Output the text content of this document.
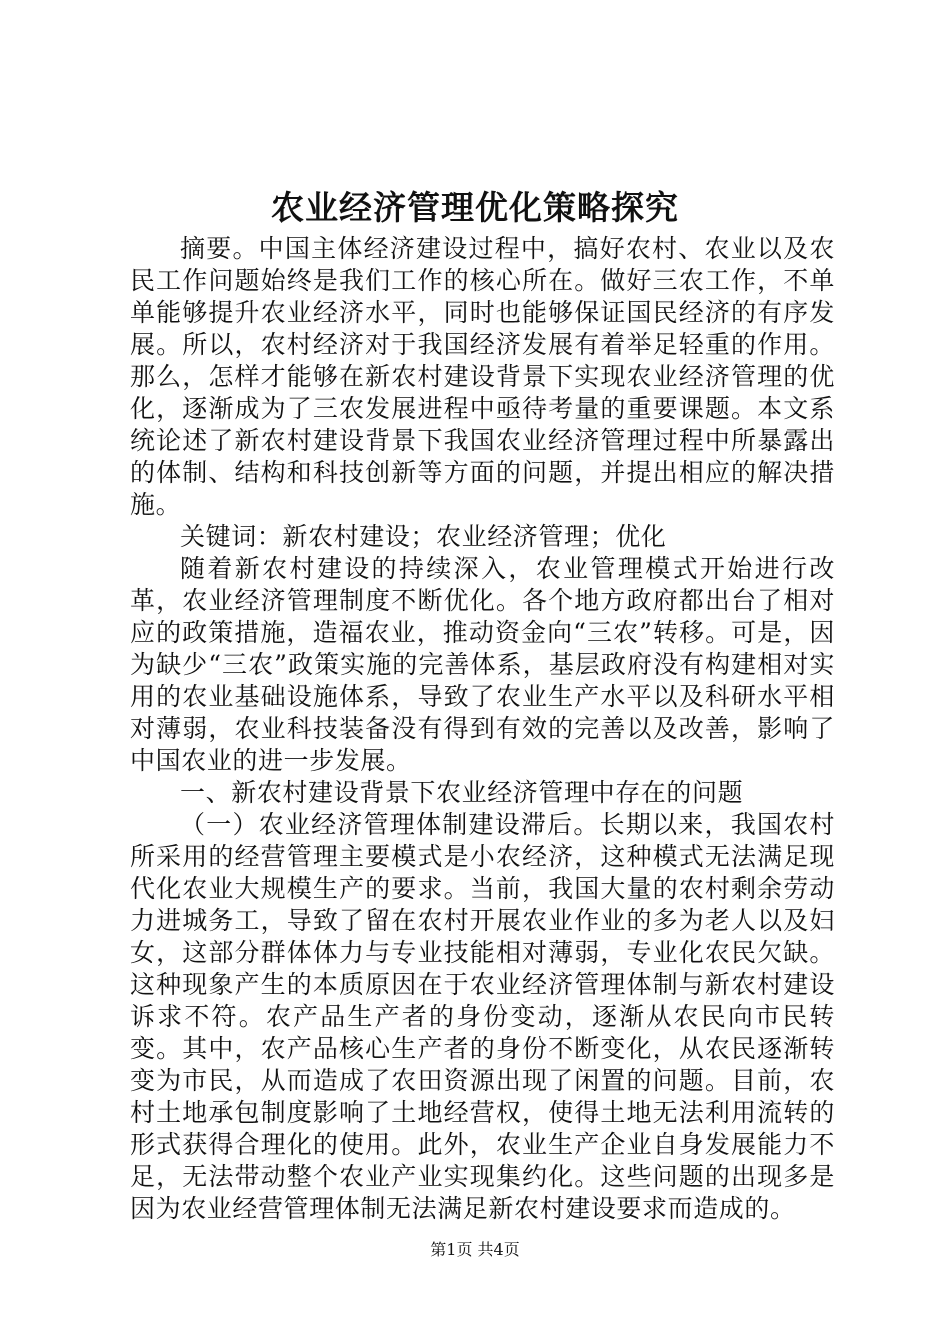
农业经济管理优化策略探究

摘要。中国主体经济建设过程中，搞好农村、农业以及农民工作问题始终是我们工作的核心所在。做好三农工作，不单单能够提升农业经济水平，同时也能够保证国民经济的有序发展。所以，农村经济对于我国经济发展有着举足轻重的作用。那么，怎样才能够在新农村建设背景下实现农业经济管理的优化，逐渐成为了三农发展进程中亟待考量的重要课题。本文系统论述了新农村建设背景下我国农业经济管理过程中所暴露出的体制、结构和科技创新等方面的问题，并提出相应的解决措施。

关键词：新农村建设；农业经济管理；优化

随着新农村建设的持续深入，农业管理模式开始进行改革，农业经济管理制度不断优化。各个地方政府都出台了相对应的政策措施，造福农业，推动资金向“三农”转移。可是，因为缺少“三农”政策实施的完善体系，基层政府没有构建相对实用的农业基础设施体系，导致了农业生产水平以及科研水平相对薄弱，农业科技装备没有得到有效的完善以及改善，影响了中国农业的进一步发展。

一、新农村建设背景下农业经济管理中存在的问题

（一）农业经济管理体制建设滞后。长期以来，我国农村所采用的经营管理主要模式是小农经济，这种模式无法满足现代化农业大规模生产的要求。当前，我国大量的农村剩余劳动力进城务工，导致了留在农村开展农业作业的多为老人以及妇女，这部分群体体力与专业技能相对薄弱，专业化农民欠缺。这种现象产生的本质原因在于农业经济管理体制与新农村建设诉求不符。农产品生产者的身份变动，逐渐从农民向市民转变。其中，农产品核心生产者的身份不断变化，从农民逐渐转变为市民，从而造成了农田资源出现了闲置的问题。目前，农村土地承包制度影响了土地经营权，使得土地无法利用流转的形式获得合理化的使用。此外，农业生产企业自身发展能力不足，无法带动整个农业产业实现集约化。这些问题的出现多是因为农业经营管理体制无法满足新农村建设要求而造成的。

第1页 共4页
